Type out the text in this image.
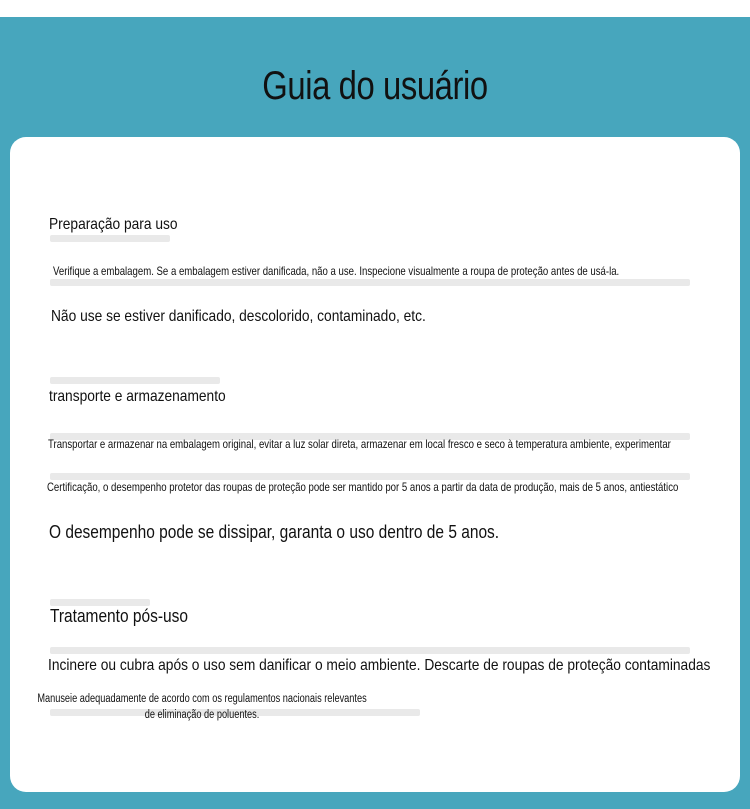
Guia do usuário

Preparação para uso

Verifique a embalagem. Se a embalagem estiver danificada, não a use. Inspecione visualmente a roupa de proteção antes de usá-la.

Não use se estiver danificado, descolorido, contaminado, etc.

transporte e armazenamento

Transportar e armazenar na embalagem original, evitar a luz solar direta, armazenar em local fresco e seco à temperatura ambiente, experimentar

Certificação, o desempenho protetor das roupas de proteção pode ser mantido por 5 anos a partir da data de produção, mais de 5 anos, antiestático

O desempenho pode se dissipar, garanta o uso dentro de 5 anos.

Tratamento pós-uso

Incinere ou cubra após o uso sem danificar o meio ambiente. Descarte de roupas de proteção contaminadas

Manuseie adequadamente de acordo com os regulamentos nacionais relevantes de eliminação de poluentes.
